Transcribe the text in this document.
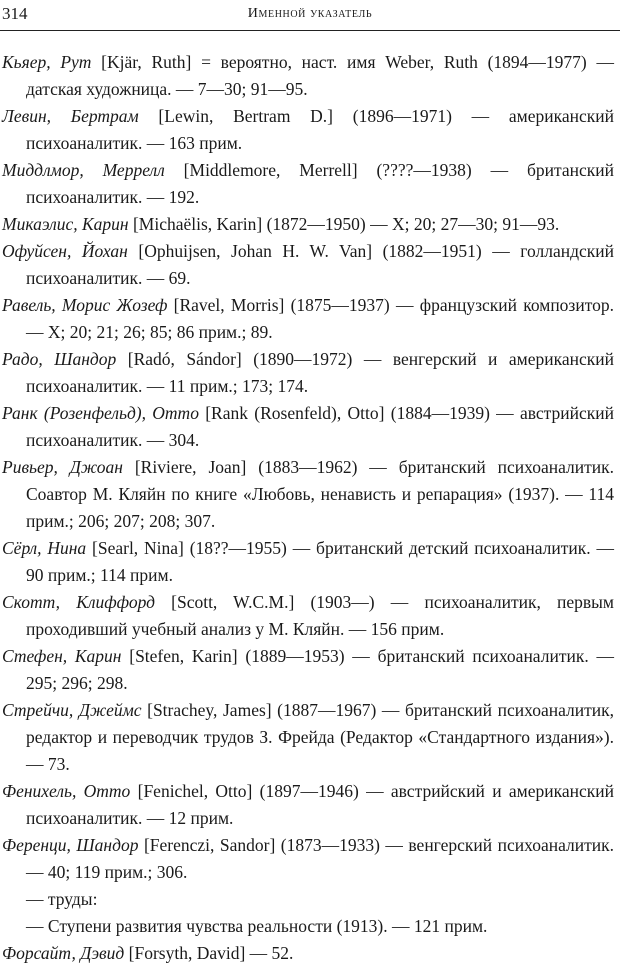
314	Именной указатель

Кьяер, Рут [Kjär, Ruth] = вероятно, наст. имя Weber, Ruth (1894—1977) — датская художница. — 7—30; 91—95.

Левин, Бертрам [Lewin, Bertram D.] (1896—1971) — американский психоаналитик. — 163 прим.

Миддлмор, Меррелл [Middlemore, Merrell] (????—1938) — британский психоаналитик. — 192.

Микаэлис, Карин [Michaëlis, Karin] (1872—1950) — X; 20; 27—30; 91—93.

Офуйсен, Йохан [Ophuijsen, Johan H. W. Van] (1882—1951) — голландский психоаналитик. — 69.

Равель, Морис Жозеф [Ravel, Morris] (1875—1937) — французский композитор. — X; 20; 21; 26; 85; 86 прим.; 89.

Радо, Шандор [Radó, Sándor] (1890—1972) — венгерский и американский психоаналитик. — 11 прим.; 173; 174.

Ранк (Розенфельд), Отто [Rank (Rosenfeld), Otto] (1884—1939) — австрийский психоаналитик. — 304.

Ривьер, Джоан [Riviere, Joan] (1883—1962) — британский психоаналитик. Соавтор М. Кляйн по книге «Любовь, ненависть и репарация» (1937). — 114 прим.; 206; 207; 208; 307.

Сёрл, Нина [Searl, Nina] (18??—1955) — британский детский психоаналитик. — 90 прим.; 114 прим.

Скотт, Клиффорд [Scott, W.C.M.] (1903—) — психоаналитик, первым проходивший учебный анализ у М. Кляйн. — 156 прим.

Стефен, Карин [Stefen, Karin] (1889—1953) — британский психоаналитик. — 295; 296; 298.

Стрейчи, Джеймс [Strachey, James] (1887—1967) — британский психоаналитик, редактор и переводчик трудов З. Фрейда (Редактор «Стандартного издания»). — 73.

Фенихель, Отто [Fenichel, Otto] (1897—1946) — австрийский и американский психоаналитик. — 12 прим.

Ференци, Шандор [Ferenczi, Sandor] (1873—1933) — венгерский психоаналитик. — 40; 119 прим.; 306.

— труды:
— Ступени развития чувства реальности (1913). — 121 прим.

Форсайт, Дэвид [Forsyth, David] — 52.
